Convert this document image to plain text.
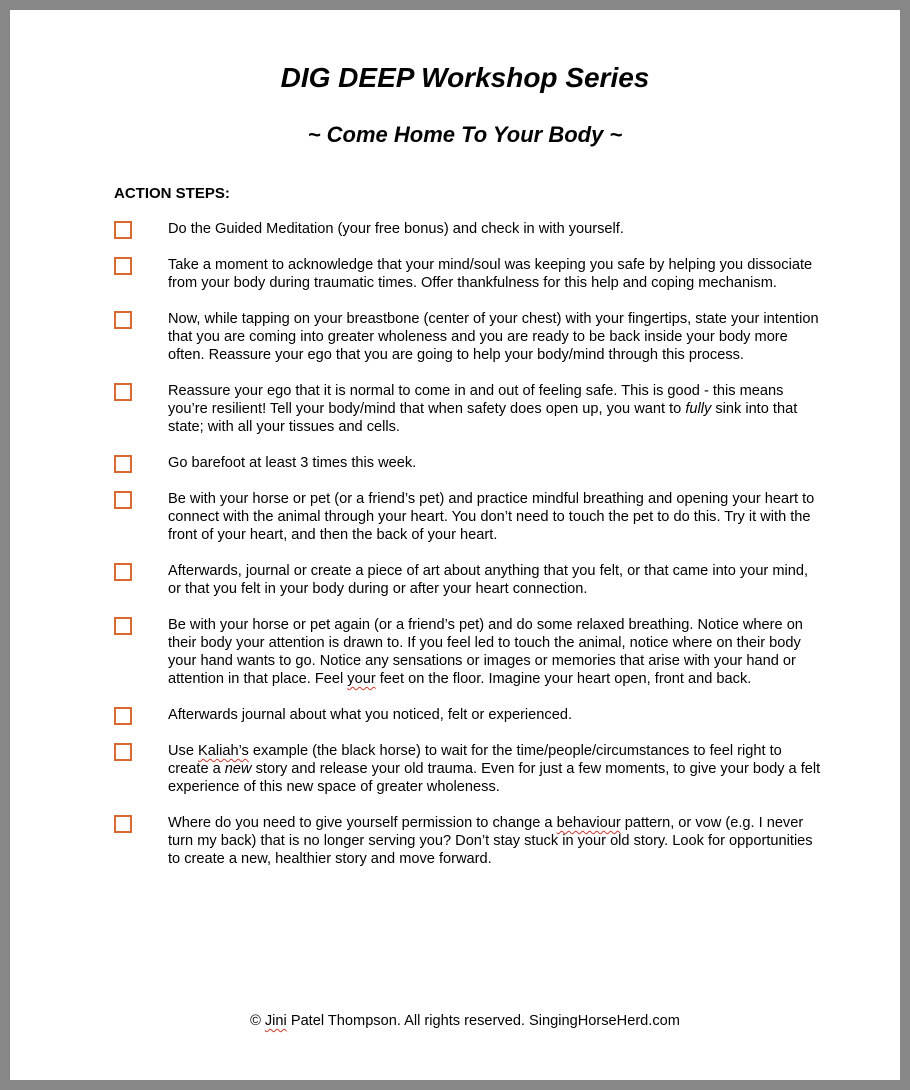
DIG DEEP Workshop Series
~ Come Home To Your Body ~

ACTION STEPS:

Do the Guided Meditation (your free bonus) and check in with yourself.
Take a moment to acknowledge that your mind/soul was keeping you safe by helping you dissociate from your body during traumatic times. Offer thankfulness for this help and coping mechanism.
Now, while tapping on your breastbone (center of your chest) with your fingertips, state your intention that you are coming into greater wholeness and you are ready to be back inside your body more often. Reassure your ego that you are going to help your body/mind through this process.
Reassure your ego that it is normal to come in and out of feeling safe. This is good - this means you’re resilient! Tell your body/mind that when safety does open up, you want to fully sink into that state; with all your tissues and cells.
Go barefoot at least 3 times this week.
Be with your horse or pet (or a friend’s pet) and practice mindful breathing and opening your heart to connect with the animal through your heart. You don’t need to touch the pet to do this. Try it with the front of your heart, and then the back of your heart.
Afterwards, journal or create a piece of art about anything that you felt, or that came into your mind, or that you felt in your body during or after your heart connection.
Be with your horse or pet again (or a friend’s pet) and do some relaxed breathing. Notice where on their body your attention is drawn to. If you feel led to touch the animal, notice where on their body your hand wants to go. Notice any sensations or images or memories that arise with your hand or attention in that place. Feel your feet on the floor. Imagine your heart open, front and back.
Afterwards journal about what you noticed, felt or experienced.
Use Kaliah’s example (the black horse) to wait for the time/people/circumstances to feel right to create a new story and release your old trauma. Even for just a few moments, to give your body a felt experience of this new space of greater wholeness.
Where do you need to give yourself permission to change a behaviour pattern, or vow (e.g. I never turn my back) that is no longer serving you? Don’t stay stuck in your old story. Look for opportunities to create a new, healthier story and move forward.

© Jini Patel Thompson. All rights reserved. SingingHorseHerd.com
